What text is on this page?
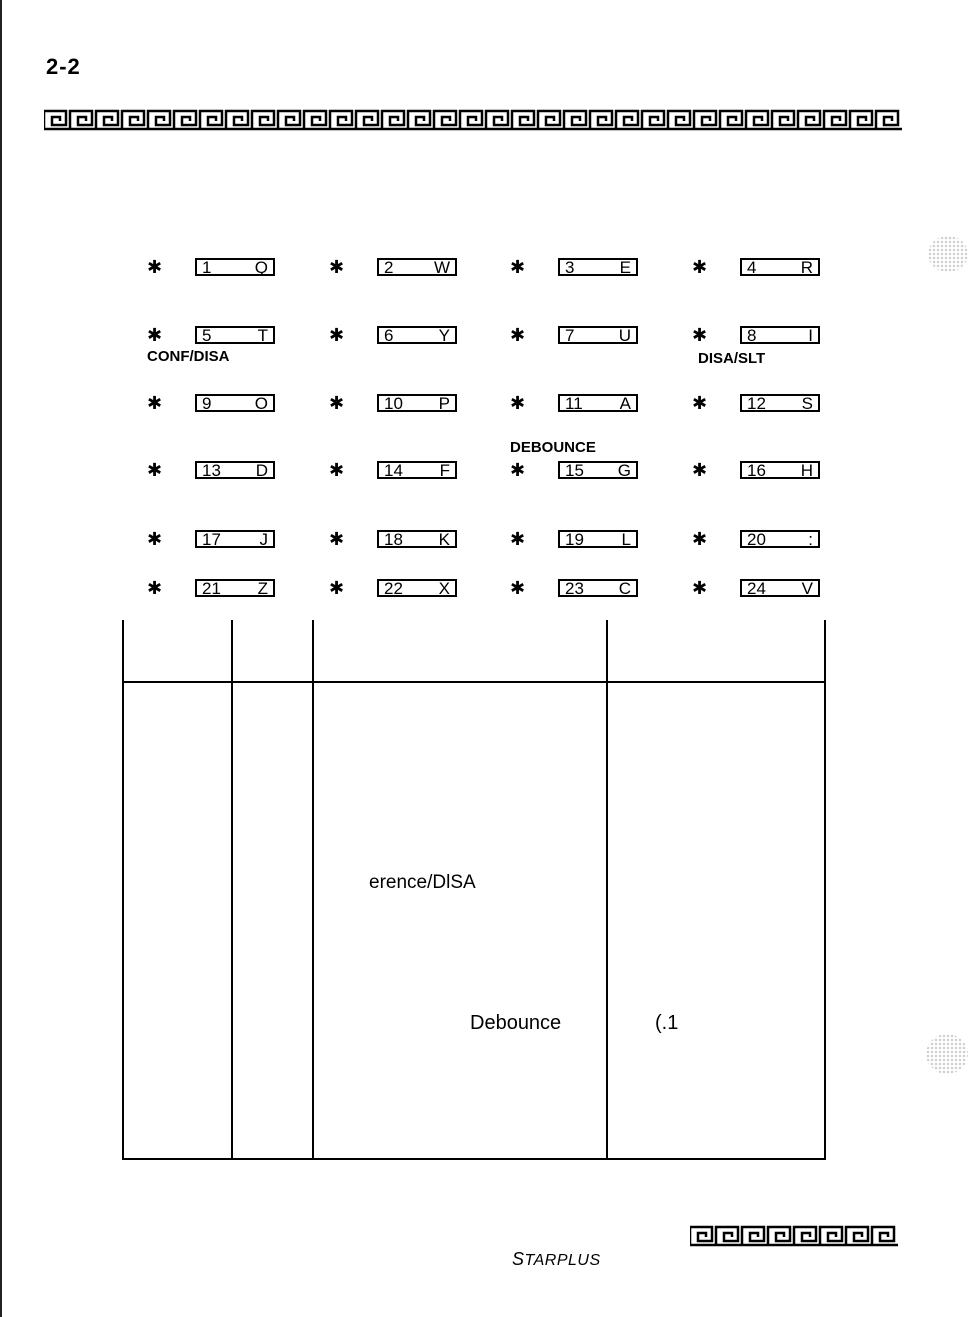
2-2
✱ 1	Q	✱ 2 W	✱ 3	E	✱ 4	R
✱ 5	T	✱ 6	Y	✱ 7	U	✱ 8	I
✱ 9	O	✱ 10 P	✱ 11 A	✱ 12 S
✱ 13 D	✱ 14 F	✱ 15 G	✱ 16 H
✱ 17 J	✱ 18 K	✱ 19 L	✱ 20 :
✱ 21 Z	✱ 22 X	✱ 23 C	✱ 24 V
CONF/DISA	DISA/SLT
DEBOUNCE
erence/DlSA
Debounce	(.1
STARPLUS
